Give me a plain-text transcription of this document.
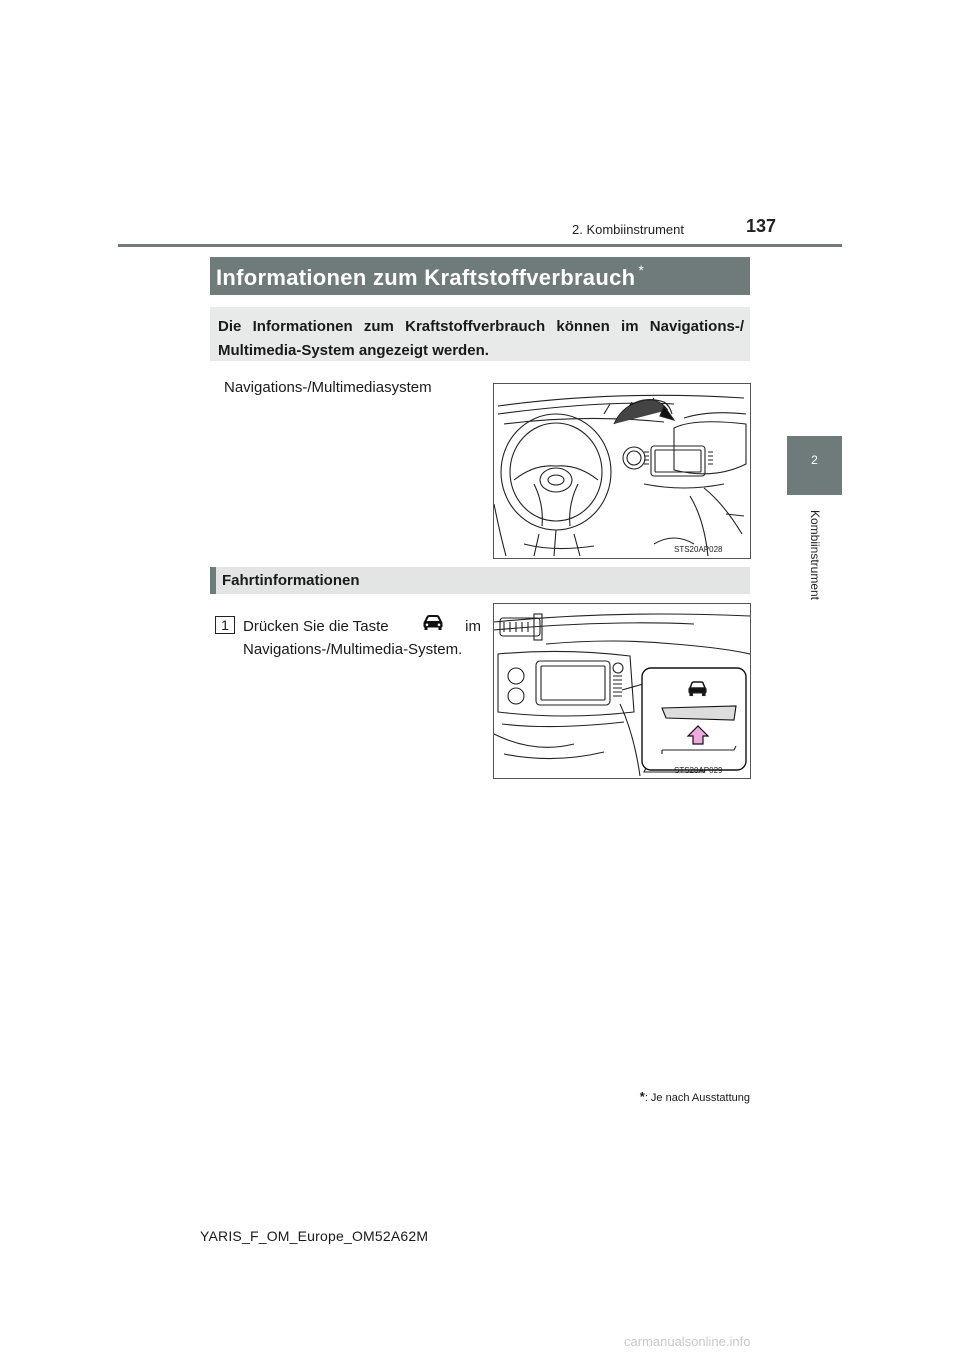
2. Kombiinstrument	137
2
Kombiinstrument
Informationen zum Kraftstoffverbrauch *
Die Informationen zum Kraftstoffverbrauch können im Navigations-/ Multimedia-System angezeigt werden.
Navigations-/Multimediasystem
STS20AP028
Fahrtinformationen
1 Drücken Sie die Taste	im
Navigations-/Multimedia-System.
STS20AP029
*: Je nach Ausstattung
YARIS_F_OM_Europe_OM52A62M
carmanualsonline.info
